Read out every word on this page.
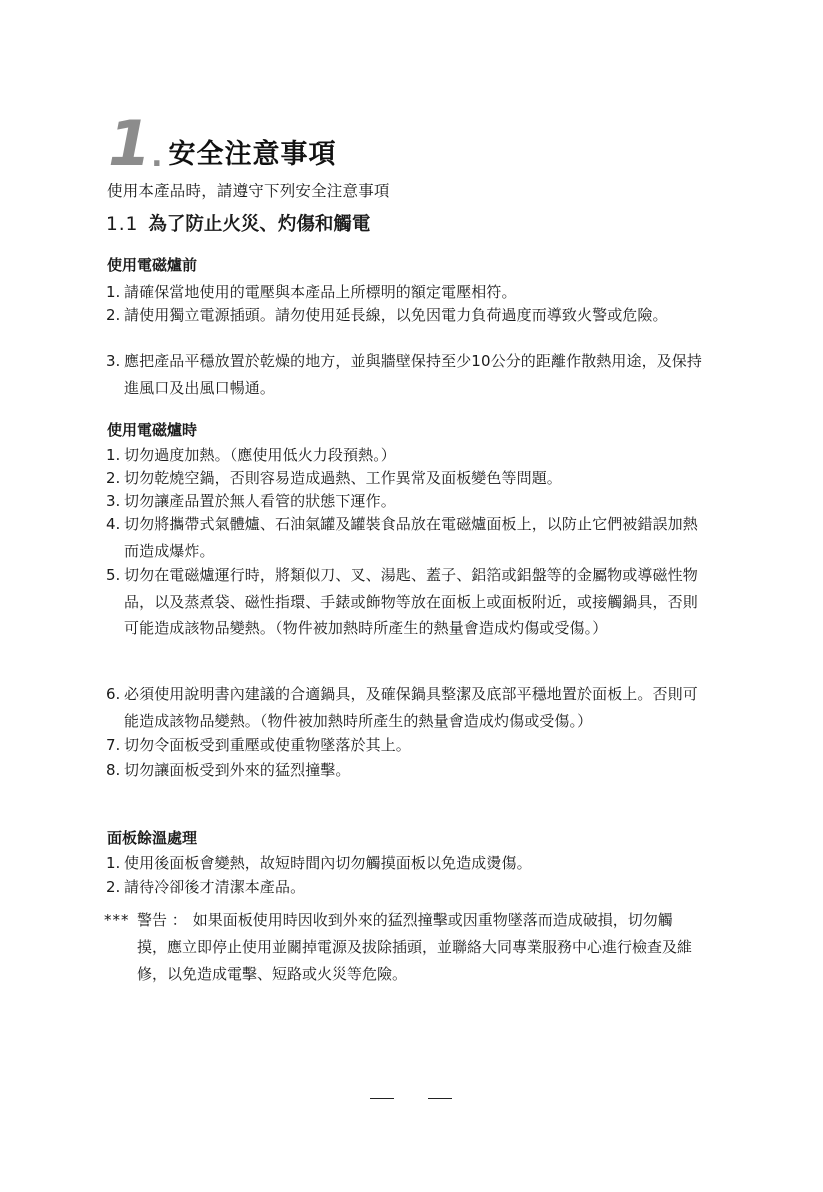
1 . 安全注意事項
使用本產品時，請遵守下列安全注意事項
1.1 為了防止火災、灼傷和觸電
使用電磁爐前
1. 請確保當地使用的電壓與本產品上所標明的額定電壓相符。
2. 請使用獨立電源插頭。請勿使用延長線，以免因電力負荷過度而導致火警或危險。
3. 應把產品平穩放置於乾燥的地方，並與牆壁保持至少10公分的距離作散熱用途，及保持進風口及出風口暢通。
使用電磁爐時
1. 切勿過度加熱。（應使用低火力段預熱。）
2. 切勿乾燒空鍋，否則容易造成過熱、工作異常及面板變色等問題。
3. 切勿讓產品置於無人看管的狀態下運作。
4. 切勿將攜帶式氣體爐、石油氣罐及罐裝食品放在電磁爐面板上，以防止它們被錯誤加熱而造成爆炸。
5. 切勿在電磁爐運行時，將類似刀、叉、湯匙、蓋子、鋁箔或鋁盤等的金屬物或導磁性物品，以及蒸煮袋、磁性指環、手錶或飾物等放在面板上或面板附近，或接觸鍋具，否則可能造成該物品變熱。（物件被加熱時所產生的熱量會造成灼傷或受傷。）
6. 必須使用說明書內建議的合適鍋具，及確保鍋具整潔及底部平穩地置於面板上。否則可能造成該物品變熱。（物件被加熱時所產生的熱量會造成灼傷或受傷。）
7. 切勿令面板受到重壓或使重物墜落於其上。
8. 切勿讓面板受到外來的猛烈撞擊。
面板餘溫處理
1. 使用後面板會變熱，故短時間內切勿觸摸面板以免造成燙傷。
2. 請待冷卻後才清潔本產品。
*** 警告 ： 如果面板使用時因收到外來的猛烈撞擊或因重物墜落而造成破損，切勿觸摸，應立即停止使用並關掉電源及拔除插頭，並聯絡大同專業服務中心進行檢查及維修，以免造成電擊、短路或火災等危險。
